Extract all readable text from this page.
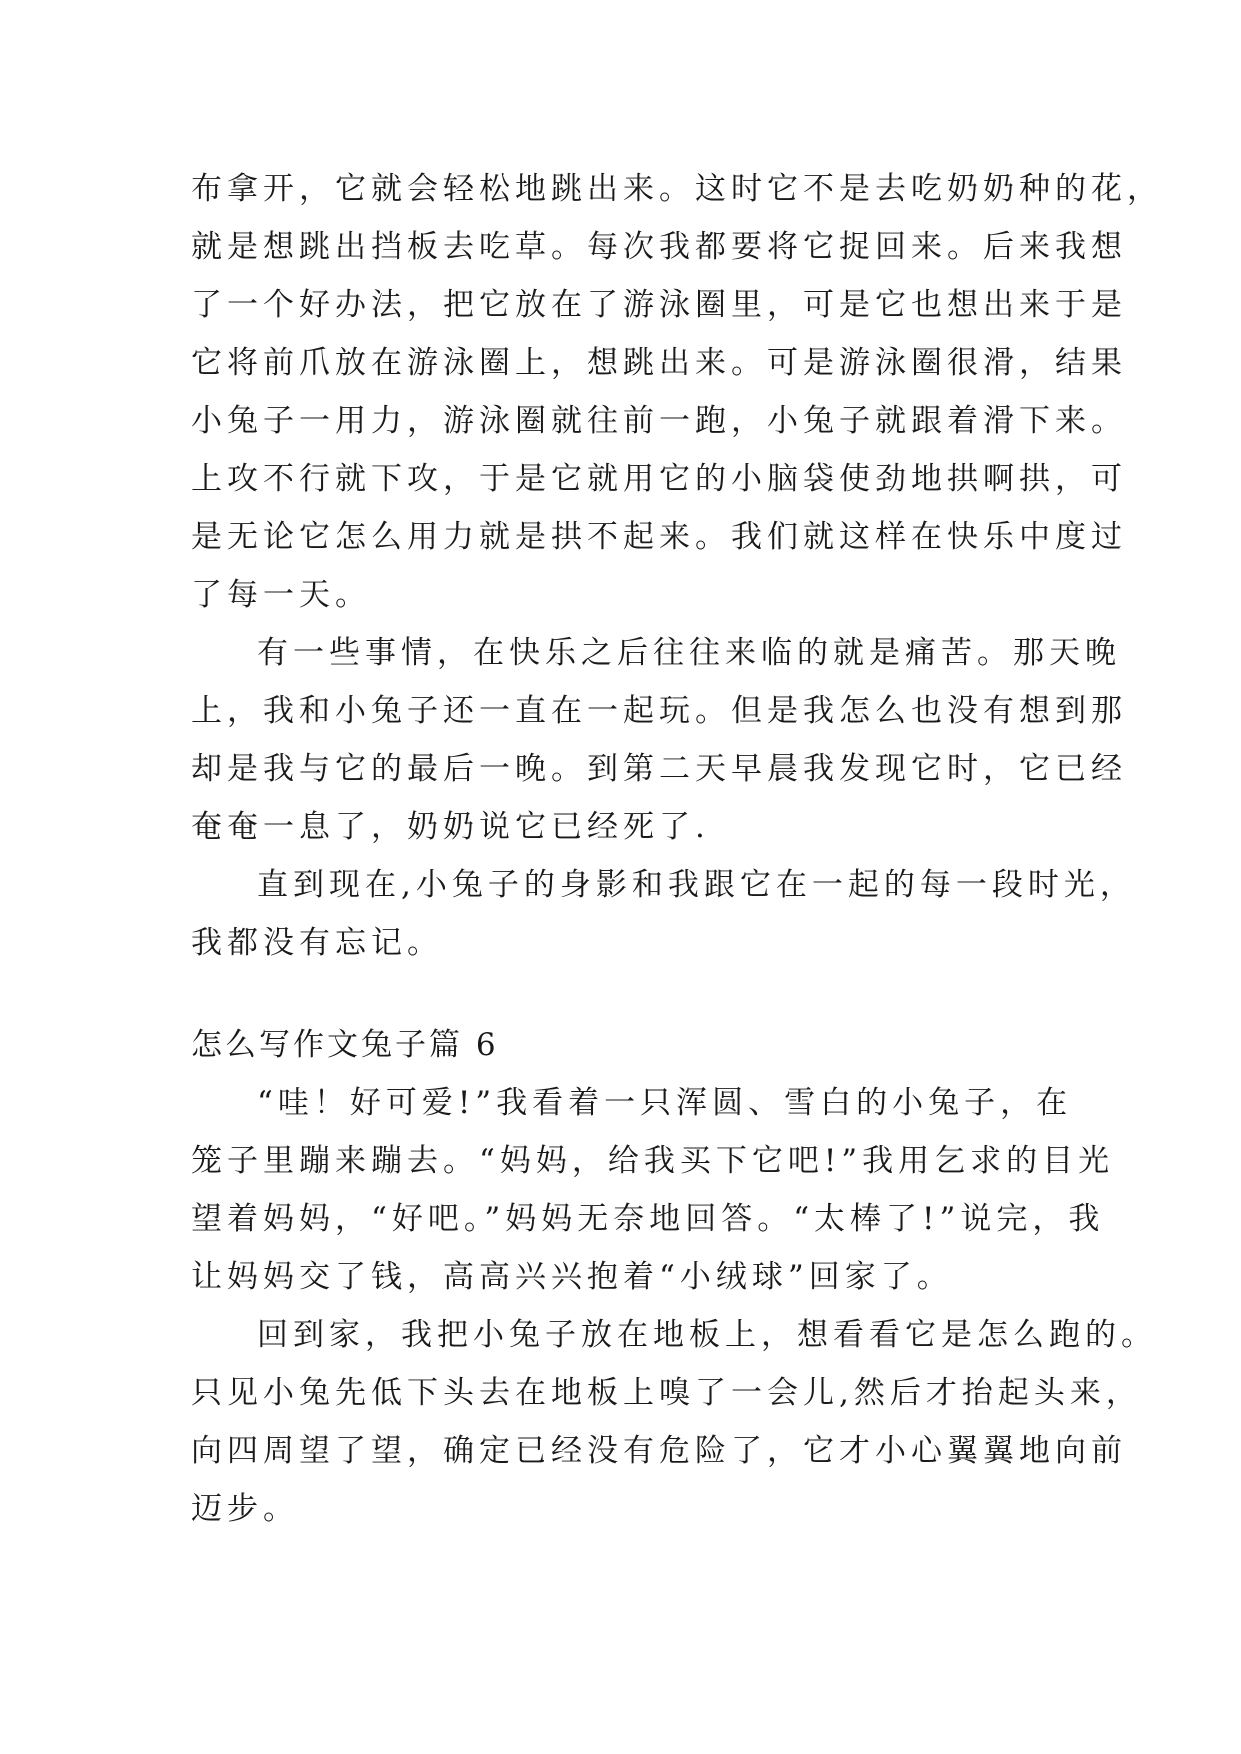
布拿开，它就会轻松地跳出来。这时它不是去吃奶奶种的花，
就是想跳出挡板去吃草。每次我都要将它捉回来。后来我想
了一个好办法，把它放在了游泳圈里，可是它也想出来于是
它将前爪放在游泳圈上，想跳出来。可是游泳圈很滑，结果
小兔子一用力，游泳圈就往前一跑，小兔子就跟着滑下来。
上攻不行就下攻，于是它就用它的小脑袋使劲地拱啊拱，可
是无论它怎么用力就是拱不起来。我们就这样在快乐中度过
了每一天。
有一些事情，在快乐之后往往来临的就是痛苦。那天晚
上，我和小兔子还一直在一起玩。但是我怎么也没有想到那
却是我与它的最后一晚。到第二天早晨我发现它时，它已经
奄奄一息了，奶奶说它已经死了.
直到现在,小兔子的身影和我跟它在一起的每一段时光，
我都没有忘记。
怎么写作文兔子篇 6
“哇！好可爱!”我看着一只浑圆、雪白的小兔子，在
笼子里蹦来蹦去。“妈妈，给我买下它吧!”我用乞求的目光
望着妈妈，“好吧。”妈妈无奈地回答。“太棒了!”说完，我
让妈妈交了钱，高高兴兴抱着“小绒球”回家了。
回到家，我把小兔子放在地板上，想看看它是怎么跑的。
只见小兔先低下头去在地板上嗅了一会儿,然后才抬起头来，
向四周望了望，确定已经没有危险了，它才小心翼翼地向前
迈步。
